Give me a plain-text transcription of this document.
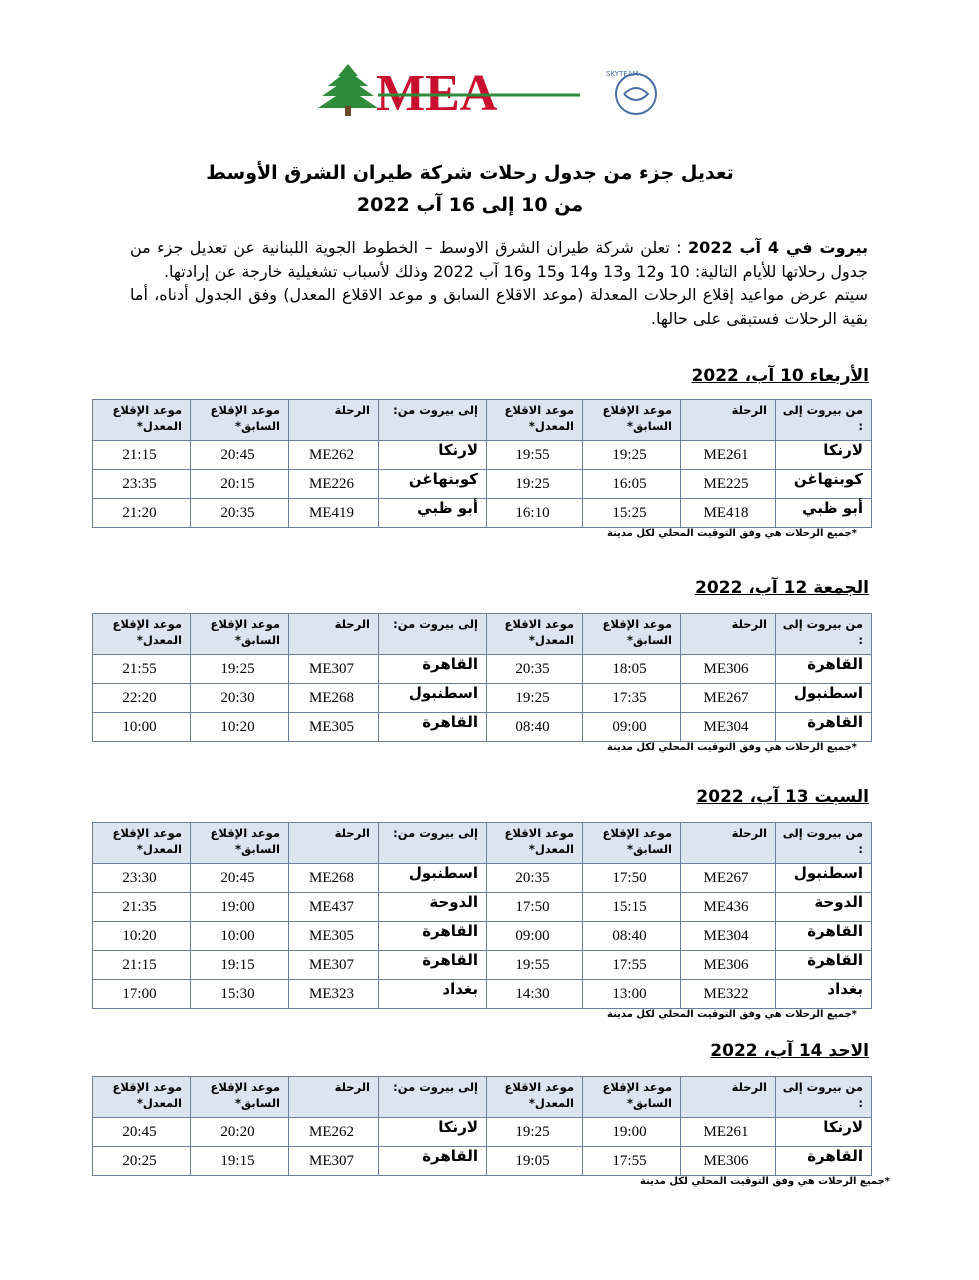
MEA	SKYTEAM
تعديل جزء من جدول رحلات شركة طيران الشرق الأوسط
من 10 إلى 16 آب 2022
بيروت في 4 آب 2022 : تعلن شركة طيران الشرق الاوسط – الخطوط الجوية اللبنانية عن تعديل جزء من جدول رحلاتها للأيام التالية: 10 و12 و13 و14 و15 و16 آب 2022 وذلك لأسباب تشغيلية خارجة عن إرادتها.
سيتم عرض مواعيد إقلاع الرحلات المعدلة (موعد الاقلاع السابق و موعد الاقلاع المعدل) وفق الجدول أدناه، أما بقية الرحلات فستبقى على حالها.
الأربعاء 10 آب، 2022
من بيروت إلى :	الرحلة	موعد الإقلاع السابق*	موعد الاقلاع المعدل*	إلى بيروت من:	الرحلة	موعد الإقلاع السابق*	موعد الإقلاع المعدل*
لارنكا	ME261	19:25	19:55	لارنكا	ME262	20:45	21:15
كوبنهاغن	ME225	16:05	19:25	كوبنهاغن	ME226	20:15	23:35
أبو ظبي	ME418	15:25	16:10	أبو ظبي	ME419	20:35	21:20
*جميع الرحلات هي وفق التوقيت المحلي لكل مدينة
الجمعة 12 آب، 2022
من بيروت إلى :	الرحلة	موعد الإقلاع السابق*	موعد الاقلاع المعدل*	إلى بيروت من:	الرحلة	موعد الإقلاع السابق*	موعد الإقلاع المعدل*
القاهرة	ME306	18:05	20:35	القاهرة	ME307	19:25	21:55
اسطنبول	ME267	17:35	19:25	اسطنبول	ME268	20:30	22:20
القاهرة	ME304	09:00	08:40	القاهرة	ME305	10:20	10:00
*جميع الرحلات هي وفق التوقيت المحلي لكل مدينة
السبت 13 آب، 2022
من بيروت إلى :	الرحلة	موعد الإقلاع السابق*	موعد الاقلاع المعدل*	إلى بيروت من:	الرحلة	موعد الإقلاع السابق*	موعد الإقلاع المعدل*
اسطنبول	ME267	17:50	20:35	اسطنبول	ME268	20:45	23:30
الدوحة	ME436	15:15	17:50	الدوحة	ME437	19:00	21:35
القاهرة	ME304	08:40	09:00	القاهرة	ME305	10:00	10:20
القاهرة	ME306	17:55	19:55	القاهرة	ME307	19:15	21:15
بغداد	ME322	13:00	14:30	بغداد	ME323	15:30	17:00
*جميع الرحلات هي وفق التوقيت المحلي لكل مدينة
الاحد 14 آب، 2022
من بيروت إلى :	الرحلة	موعد الإقلاع السابق*	موعد الاقلاع المعدل*	إلى بيروت من:	الرحلة	موعد الإقلاع السابق*	موعد الإقلاع المعدل*
لارنكا	ME261	19:00	19:25	لارنكا	ME262	20:20	20:45
القاهرة	ME306	17:55	19:05	القاهرة	ME307	19:15	20:25
*جميع الرحلات هي وفق التوقيت المحلي لكل مدينة
